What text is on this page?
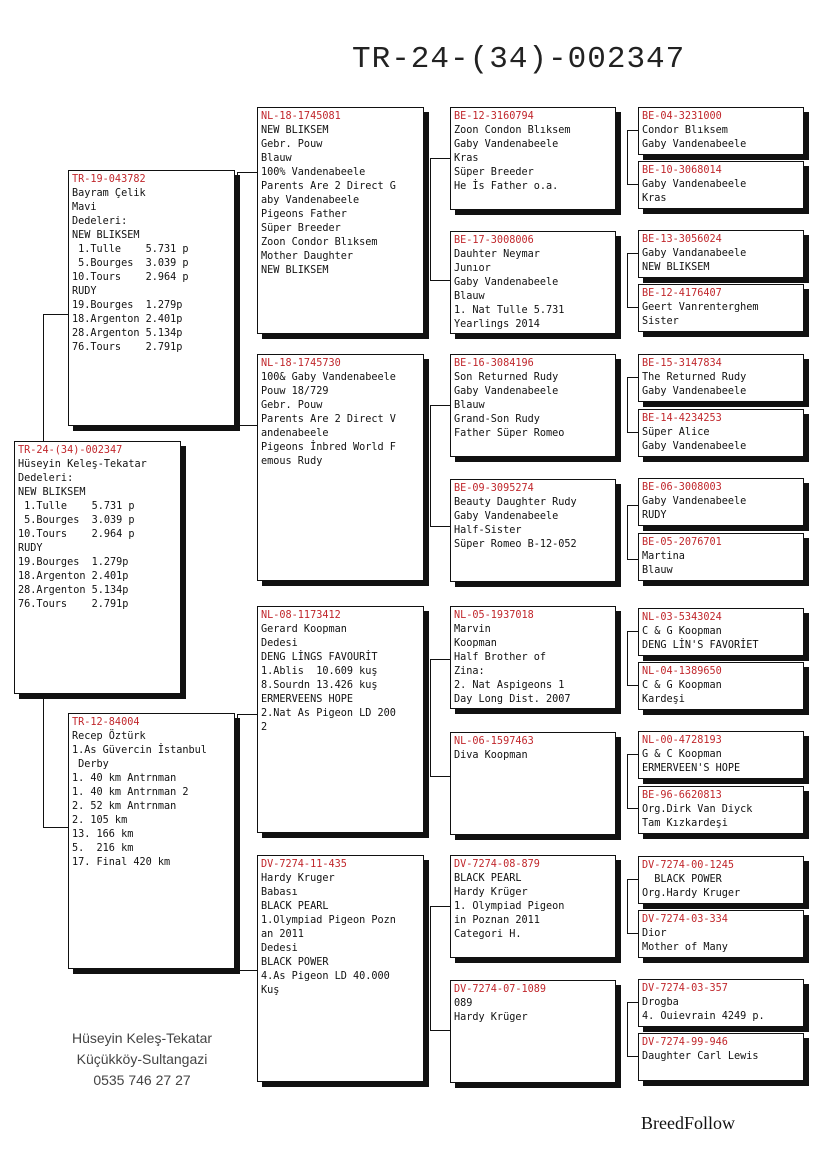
TR-24-(34)-002347
TR-24-(34)-002347
Hüseyin Keleş-Tekatar
Dedeleri:
NEW BLIKSEM
1.Tulle    5.731 p
5.Bourges  3.039 p
10.Tours    2.964 p
RUDY
19.Bourges  1.279p
18.Argenton 2.401p
28.Argenton 5.134p
76.Tours    2.791p
TR-19-043782
Bayram Çelik
Mavi
Dedeleri:
NEW BLIKSEM
1.Tulle    5.731 p
5.Bourges  3.039 p
10.Tours    2.964 p
RUDY
19.Bourges  1.279p
18.Argenton 2.401p
28.Argenton 5.134p
76.Tours    2.791p
TR-12-84004
Recep Öztürk
1.As Güvercin İstanbul
Derby
1. 40 km Antrnman
1. 40 km Antrnman 2
2. 52 km Antrnman
2. 105 km
13. 166 km
5.  216 km
17. Final 420 km
NL-18-1745081
NEW BLIKSEM
Gebr. Pouw
Blauw
100% Vandenabeele
Parents Are 2 Direct G
aby Vandenabeele
Pigeons Father
Süper Breeder
Zoon Condor Blıksem
Mother Daughter
NEW BLIKSEM
NL-18-1745730
100& Gaby Vandenabeele
Pouw 18/729
Gebr. Pouw
Parents Are 2 Direct V
andenabeele
Pigeons İnbred World F
emous Rudy
NL-08-1173412
Gerard Koopman
Dedesi
DENG LİNGS FAVOURİT
1.Ablis  10.609 kuş
8.Sourdn 13.426 kuş
ERMERVEENS HOPE
2.Nat As Pigeon LD 200
2
DV-7274-11-435
Hardy Kruger
Babası
BLACK PEARL
1.Olympiad Pigeon Pozn
an 2011
Dedesi
BLACK POWER
4.As Pigeon LD 40.000
Kuş
BE-12-3160794
Zoon Condon Blıksem
Gaby Vandenabeele
Kras
Süper Breeder
He İs Father o.a.
BE-17-3008006
Dauhter Neymar
Junıor
Gaby Vandenabeele
Blauw
1. Nat Tulle 5.731
Yearlings 2014
BE-16-3084196
Son Returned Rudy
Gaby Vandenabeele
Blauw
Grand-Son Rudy
Father Süper Romeo
BE-09-3095274
Beauty Daughter Rudy
Gaby Vandenabeele
Half-Sister
Süper Romeo B-12-052
NL-05-1937018
Marvin
Koopman
Half Brother of
Zina:
2. Nat Aspigeons 1
Day Long Dist. 2007
NL-06-1597463
Diva Koopman
DV-7274-08-879
BLACK PEARL
Hardy Krüger
1. Olympiad Pigeon
in Poznan 2011
Categori H.
DV-7274-07-1089
089
Hardy Krüger
BE-04-3231000
Condor Blıksem
Gaby Vandenabeele
BE-10-3068014
Gaby Vandenabeele
Kras
BE-13-3056024
Gaby Vandanabeele
NEW BLIKSEM
BE-12-4176407
Geert Vanrenterghem
Sister
BE-15-3147834
The Returned Rudy
Gaby Vandenabeele
BE-14-4234253
Süper Alice
Gaby Vandenabeele
BE-06-3008003
Gaby Vandenabeele
RUDY
BE-05-2076701
Martina
Blauw
NL-03-5343024
C & G Koopman
DENG LİN'S FAVORİET
NL-04-1389650
C & G Koopman
Kardeşi
NL-00-4728193
G & C Koopman
ERMERVEEN'S HOPE
BE-96-6620813
Org.Dirk Van Diyck
Tam Kızkardeşi
DV-7274-00-1245
BLACK POWER
Org.Hardy Kruger
DV-7274-03-334
Dior
Mother of Many
DV-7274-03-357
Drogba
4. Ouievrain 4249 p.
DV-7274-99-946
Daughter Carl Lewis
Hüseyin Keleş-Tekatar
Küçükköy-Sultangazi
0535 746 27 27
BreedFollow
